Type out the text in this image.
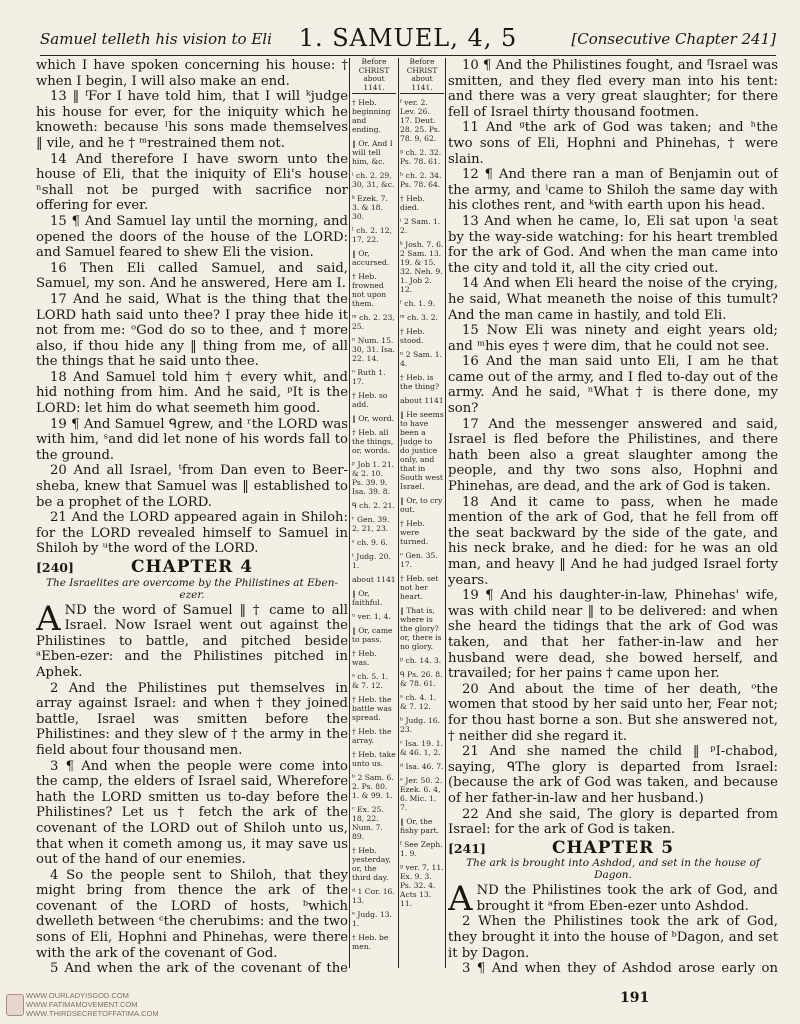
Samuel telleth his vision to Eli	1. SAMUEL, 4, 5	[Consecutive Chapter 241]

which I have spoken concerning his house: † when I begin, I will also make an end.

13 ‖ ᶠFor I have told him, that I will ᵏjudge his house for ever, for the iniquity which he knoweth: because ˡhis sons made themselves ‖ vile, and he † ᵐrestrained them not.

14 And therefore I have sworn unto the house of Eli, that the iniquity of Eli's house ⁿshall not be purged with sacrifice nor offering for ever.

15 ¶ And Samuel lay until the morning, and opened the doors of the house of the LORD: and Samuel feared to shew Eli the vision.

16 Then Eli called Samuel, and said, Samuel, my son. And he answered, Here am I.

17 And he said, What is the thing that the LORD hath said unto thee? I pray thee hide it not from me: ᵒGod do so to thee, and † more also, if thou hide any ‖ thing from me, of all the things that he said unto thee.

18 And Samuel told him † every whit, and hid nothing from him. And he said, ᵖIt is the LORD: let him do what seemeth him good.

19 ¶ And Samuel ᑫgrew, and ʳthe LORD was with him, ˢand did let none of his words fall to the ground.

20 And all Israel, ᵗfrom Dan even to Beer-sheba, knew that Samuel was ‖ established to be a prophet of the LORD.

21 And the LORD appeared again in Shiloh: for the LORD revealed himself to Samuel in Shiloh by ᵘthe word of the LORD.

[240]	CHAPTER 4
The Israelites are overcome by the Philistines at Eben-ezer.

AND the word of Samuel ‖ † came to all Israel. Now Israel went out against the Philistines to battle, and pitched beside ᵃEben-ezer: and the Philistines pitched in Aphek.

2 And the Philistines put themselves in array against Israel: and when † they joined battle, Israel was smitten before the Philistines: and they slew of † the army in the field about four thousand men.

3 ¶ And when the people were come into the camp, the elders of Israel said, Wherefore hath the LORD smitten us to-day before the Philistines? Let us † fetch the ark of the covenant of the LORD out of Shiloh unto us, that when it cometh among us, it may save us out of the hand of our enemies.

4 So the people sent to Shiloh, that they might bring from thence the ark of the covenant of the LORD of hosts, ᵇwhich dwelleth between ᶜthe cherubims: and the two sons of Eli, Hophni and Phinehas, were there with the ark of the covenant of God.

5 And when the ark of the covenant of the

Before CHRIST about 1141.
† Heb. beginning and ending.
‖ Or, And I will tell him, &c.
ⁱ ch. 2. 29, 30, 31, &c.
ᵏ Ezek. 7. 3. & 18. 30.
ˡ ch. 2. 12, 17, 22.
‖ Or, accursed.
† Heb. frowned not upon them.
ᵐ ch. 2. 23, 25.
ⁿ Num. 15. 30, 31. Isa. 22. 14.
ᵒ Ruth 1. 17.
† Heb. so add.
‖ Or, word.
† Heb. all the things, or, words.
ᵖ Job 1. 21. & 2. 10. Ps. 39. 9. Isa. 39. 8.
ᑫ ch. 2. 21.
ʳ Gen. 39. 2, 21, 23.
ˢ ch. 9. 6.
ᵗ Judg. 20. 1.
about 1141
‖ Or, faithful.
ᵘ ver. 1, 4.
‖ Or, came to pass.
† Heb. was.
ᵃ ch. 5. 1. & 7. 12.
† Heb. the battle was spread.
† Heb. the array.
† Heb. take unto us.
ᵇ 2 Sam. 6. 2. Ps. 80. 1. & 99. 1.
ᶜ Ex. 25. 18, 22. Num. 7. 89.
† Heb. yesterday, or, the third day.
ᵈ 1 Cor. 16. 13.
ᵉ Judg. 13. 1.
† Heb. be men.
Before CHRIST about 1141.
ᶠ ver. 2. Lev. 26. 17. Deut. 28. 25. Ps. 78. 9, 62.
ᵍ ch. 2. 32. Ps. 78. 61.
ʰ ch. 2. 34. Ps. 78. 64.
† Heb. died.
ⁱ 2 Sam. 1. 2.
ᵏ Josh. 7. 6. 2 Sam. 13. 19. & 15. 32. Neh. 9. 1. Job 2. 12.
ˡ ch. 1. 9.
ᵐ ch. 3. 2.
† Heb. stood.
ⁿ 2 Sam. 1. 4.
† Heb. is the thing?
about 1141
‖ He seems to have been a Judge to do justice only, and that in South west Israel.
‖ Or, to cry out.
† Heb. were turned.
ᵒ Gen. 35. 17.
† Heb. set not her heart.
‖ That is, where is the glory? or, there is no glory.
ᵖ ch. 14. 3.
ᑫ Ps. 26. 8. & 78. 61.
ᵃ ch. 4. 1. & 7. 12.
ᵇ Judg. 16. 23.
ᶜ Isa. 19. 1. & 46. 1, 2.
ᵈ Isa. 46. 7.
ᵉ Jer. 50. 2. Ezek. 6. 4, 6. Mic. 1. 7.
‖ Or, the fishy part.
ᶠ See Zeph. 1. 9.
ᵍ ver. 7, 11. Ex. 9. 3. Ps. 32. 4. Acts 13. 11.

10 ¶ And the Philistines fought, and ᶠIsrael was smitten, and they fled every man into his tent: and there was a very great slaughter; for there fell of Israel thirty thousand footmen.

11 And ᵍthe ark of God was taken; and ʰthe two sons of Eli, Hophni and Phinehas, † were slain.

12 ¶ And there ran a man of Benjamin out of the army, and ⁱcame to Shiloh the same day with his clothes rent, and ᵏwith earth upon his head.

13 And when he came, lo, Eli sat upon ˡa seat by the way-side watching: for his heart trembled for the ark of God. And when the man came into the city and told it, all the city cried out.

14 And when Eli heard the noise of the crying, he said, What meaneth the noise of this tumult? And the man came in hastily, and told Eli.

15 Now Eli was ninety and eight years old; and ᵐhis eyes † were dim, that he could not see.

16 And the man said unto Eli, I am he that came out of the army, and I fled to-day out of the army. And he said, ⁿWhat † is there done, my son?

17 And the messenger answered and said, Israel is fled before the Philistines, and there hath been also a great slaughter among the people, and thy two sons also, Hophni and Phinehas, are dead, and the ark of God is taken.

18 And it came to pass, when he made mention of the ark of God, that he fell from off the seat backward by the side of the gate, and his neck brake, and he died: for he was an old man, and heavy ‖ And he had judged Israel forty years.

19 ¶ And his daughter-in-law, Phinehas' wife, was with child near ‖ to be delivered: and when she heard the tidings that the ark of God was taken, and that her father-in-law and her husband were dead, she bowed herself, and travailed; for her pains † came upon her.

20 And about the time of her death, ᵒthe women that stood by her said unto her, Fear not; for thou hast borne a son. But she answered not, † neither did she regard it.

21 And she named the child ‖ ᵖI-chabod, saying, ᑫThe glory is departed from Israel: (because the ark of God was taken, and because of her father-in-law and her husband.)

22 And she said, The glory is departed from Israel: for the ark of God is taken.

[241]	CHAPTER 5
The ark is brought into Ashdod, and set in the house of Dagon.

AND the Philistines took the ark of God, and brought it ᵃfrom Eben-ezer unto Ashdod.

2 When the Philistines took the ark of God, they brought it into the house of ᵇDagon, and set it by Dagon.

3 ¶ And when they of Ashdod arose early on

WWW.OURLADYISGOD.COM
WWW.FATIMAMOVEMENT.COM
WWW.THIRDSECRETOFFATIMA.COM
191
